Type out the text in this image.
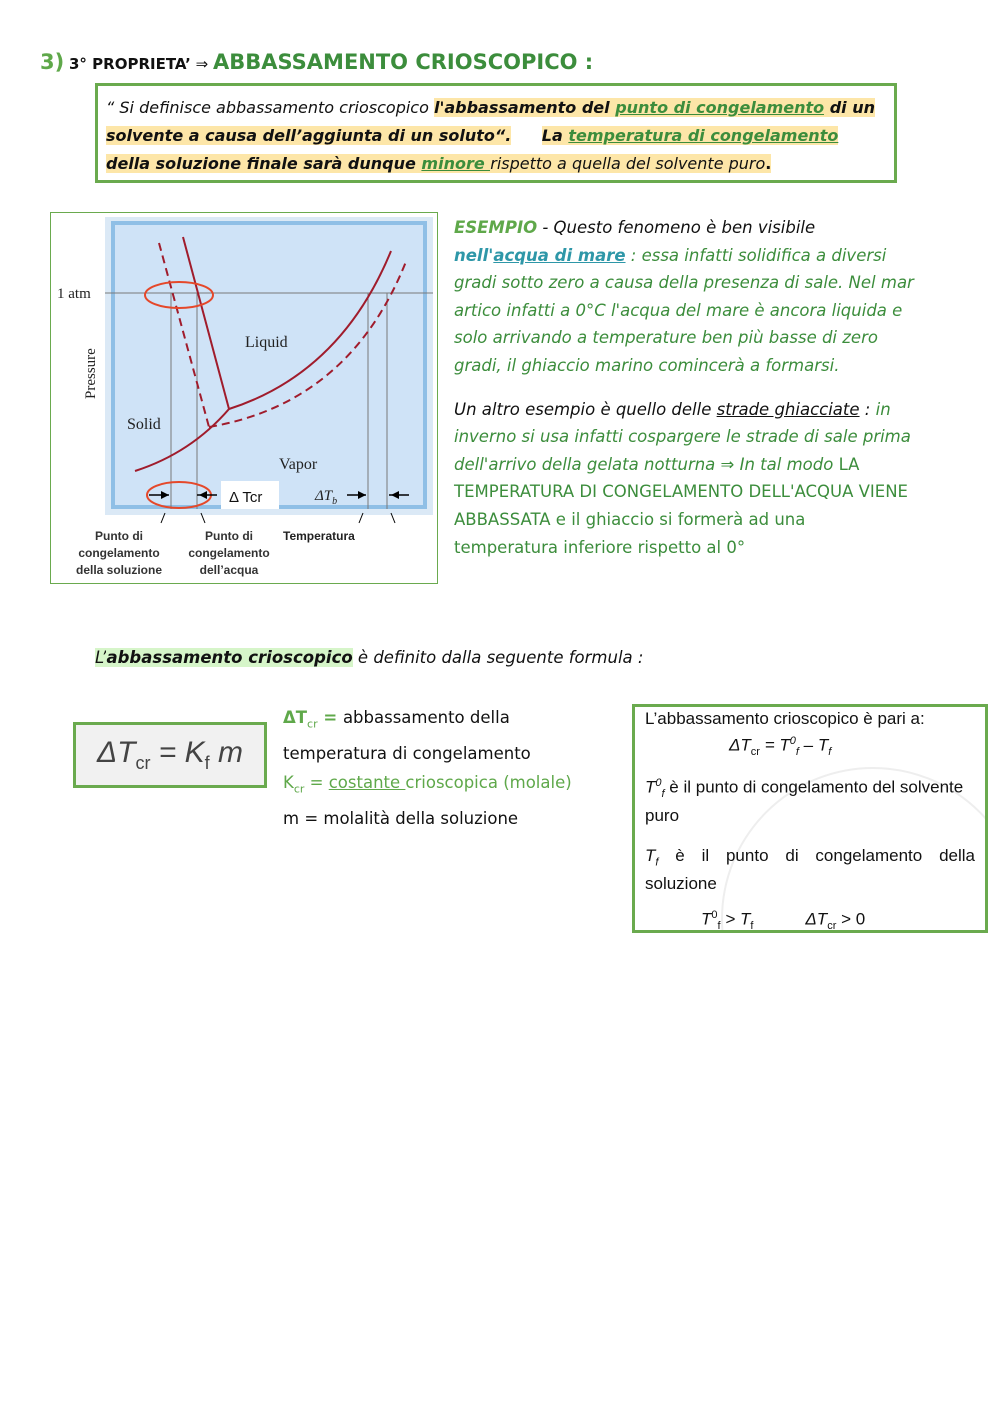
3) 3° PROPRIETA’ ⇒ ABBASSAMENTO CRIOSCOPICO :
“ Si definisce abbassamento crioscopico l'abbassamento del punto di congelamento di un solvente a causa dell’aggiunta di un soluto“. La temperatura di congelamento
della soluzione finale sarà dunque minore rispetto a quella del solvente puro.
1 atm
Pressure
Liquid
Solid
Vapor
Δ Tcr	$\Delta T_b$
Punto di
congelamento
della soluzione
Punto di
congelamento
dell’acqua
Temperatura

ESEMPIO - Questo fenomeno è ben visibile nell'acqua di mare : essa infatti solidifica a diversi gradi sotto zero a causa della presenza di sale. Nel mar artico infatti a 0°C l'acqua del mare è ancora liquida e solo arrivando a temperature ben più basse di zero gradi, il ghiaccio marino comincerà a formarsi.

Un altro esempio è quello delle strade ghiacciate : in inverno si usa infatti cospargere le strade di sale prima dell'arrivo della gelata notturna ⇒ In tal modo LA TEMPERATURA DI CONGELAMENTO DELL'ACQUA VIENE ABBASSATA e il ghiaccio si formerà ad una temperatura inferiore rispetto al 0°

L’abbassamento crioscopico è definito dalla seguente formula :
$\Delta T_{cr} = K_f$ m
$\Delta T_{cr}$ = abbassamento della temperatura di congelamento
$K_{cr}$ = costante crioscopica (molale)
m = molalità della soluzione

L’abbassamento crioscopico è pari a:

$\Delta T_{cr} = T^0_f - T_f$

$T^0_f$ è il punto di congelamento del solvente puro

$T_f$ è il punto di congelamento della soluzione

$T^0_f > T_f$	$\Delta T_{cr} > 0$
